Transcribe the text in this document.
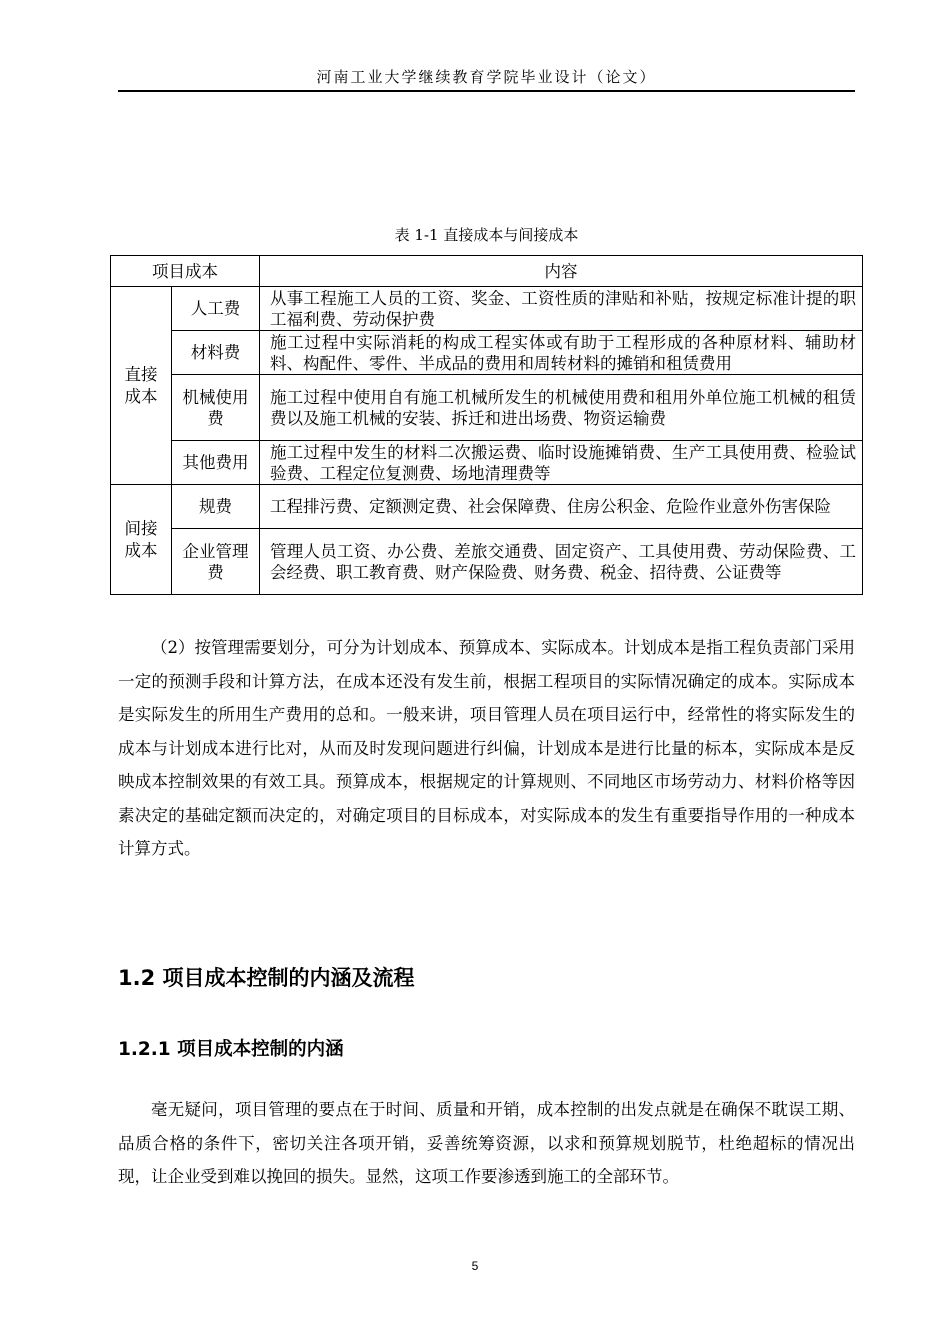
河南工业大学继续教育学院毕业设计（论文）
表 1-1 直接成本与间接成本
项目成本		内容
直接成本	人工费	从事工程施工人员的工资、奖金、工资性质的津贴和补贴，按规定标准计提的职工福利费、劳动保护费
	材料费	施工过程中实际消耗的构成工程实体或有助于工程形成的各种原材料、辅助材料、构配件、零件、半成品的费用和周转材料的摊销和租赁费用
	机械使用费	施工过程中使用自有施工机械所发生的机械使用费和租用外单位施工机械的租赁费以及施工机械的安装、拆迁和进出场费、物资运输费
	其他费用	施工过程中发生的材料二次搬运费、临时设施摊销费、生产工具使用费、检验试验费、工程定位复测费、场地清理费等
间接成本	规费	工程排污费、定额测定费、社会保障费、住房公积金、危险作业意外伤害保险
	企业管理费	管理人员工资、办公费、差旅交通费、固定资产、工具使用费、劳动保险费、工会经费、职工教育费、财产保险费、财务费、税金、招待费、公证费等

（2）按管理需要划分，可分为计划成本、预算成本、实际成本。计划成本是指工程负责部门采用一定的预测手段和计算方法，在成本还没有发生前，根据工程项目的实际情况确定的成本。实际成本是实际发生的所用生产费用的总和。一般来讲，项目管理人员在项目运行中，经常性的将实际发生的成本与计划成本进行比对，从而及时发现问题进行纠偏，计划成本是进行比量的标本，实际成本是反映成本控制效果的有效工具。预算成本，根据规定的计算规则、不同地区市场劳动力、材料价格等因素决定的基础定额而决定的，对确定项目的目标成本，对实际成本的发生有重要指导作用的一种成本计算方式。

1.2 项目成本控制的内涵及流程
1.2.1 项目成本控制的内涵

毫无疑问，项目管理的要点在于时间、质量和开销，成本控制的出发点就是在确保不耽误工期、品质合格的条件下，密切关注各项开销，妥善统筹资源，以求和预算规划脱节，杜绝超标的情况出现，让企业受到难以挽回的损失。显然，这项工作要渗透到施工的全部环节。

5
